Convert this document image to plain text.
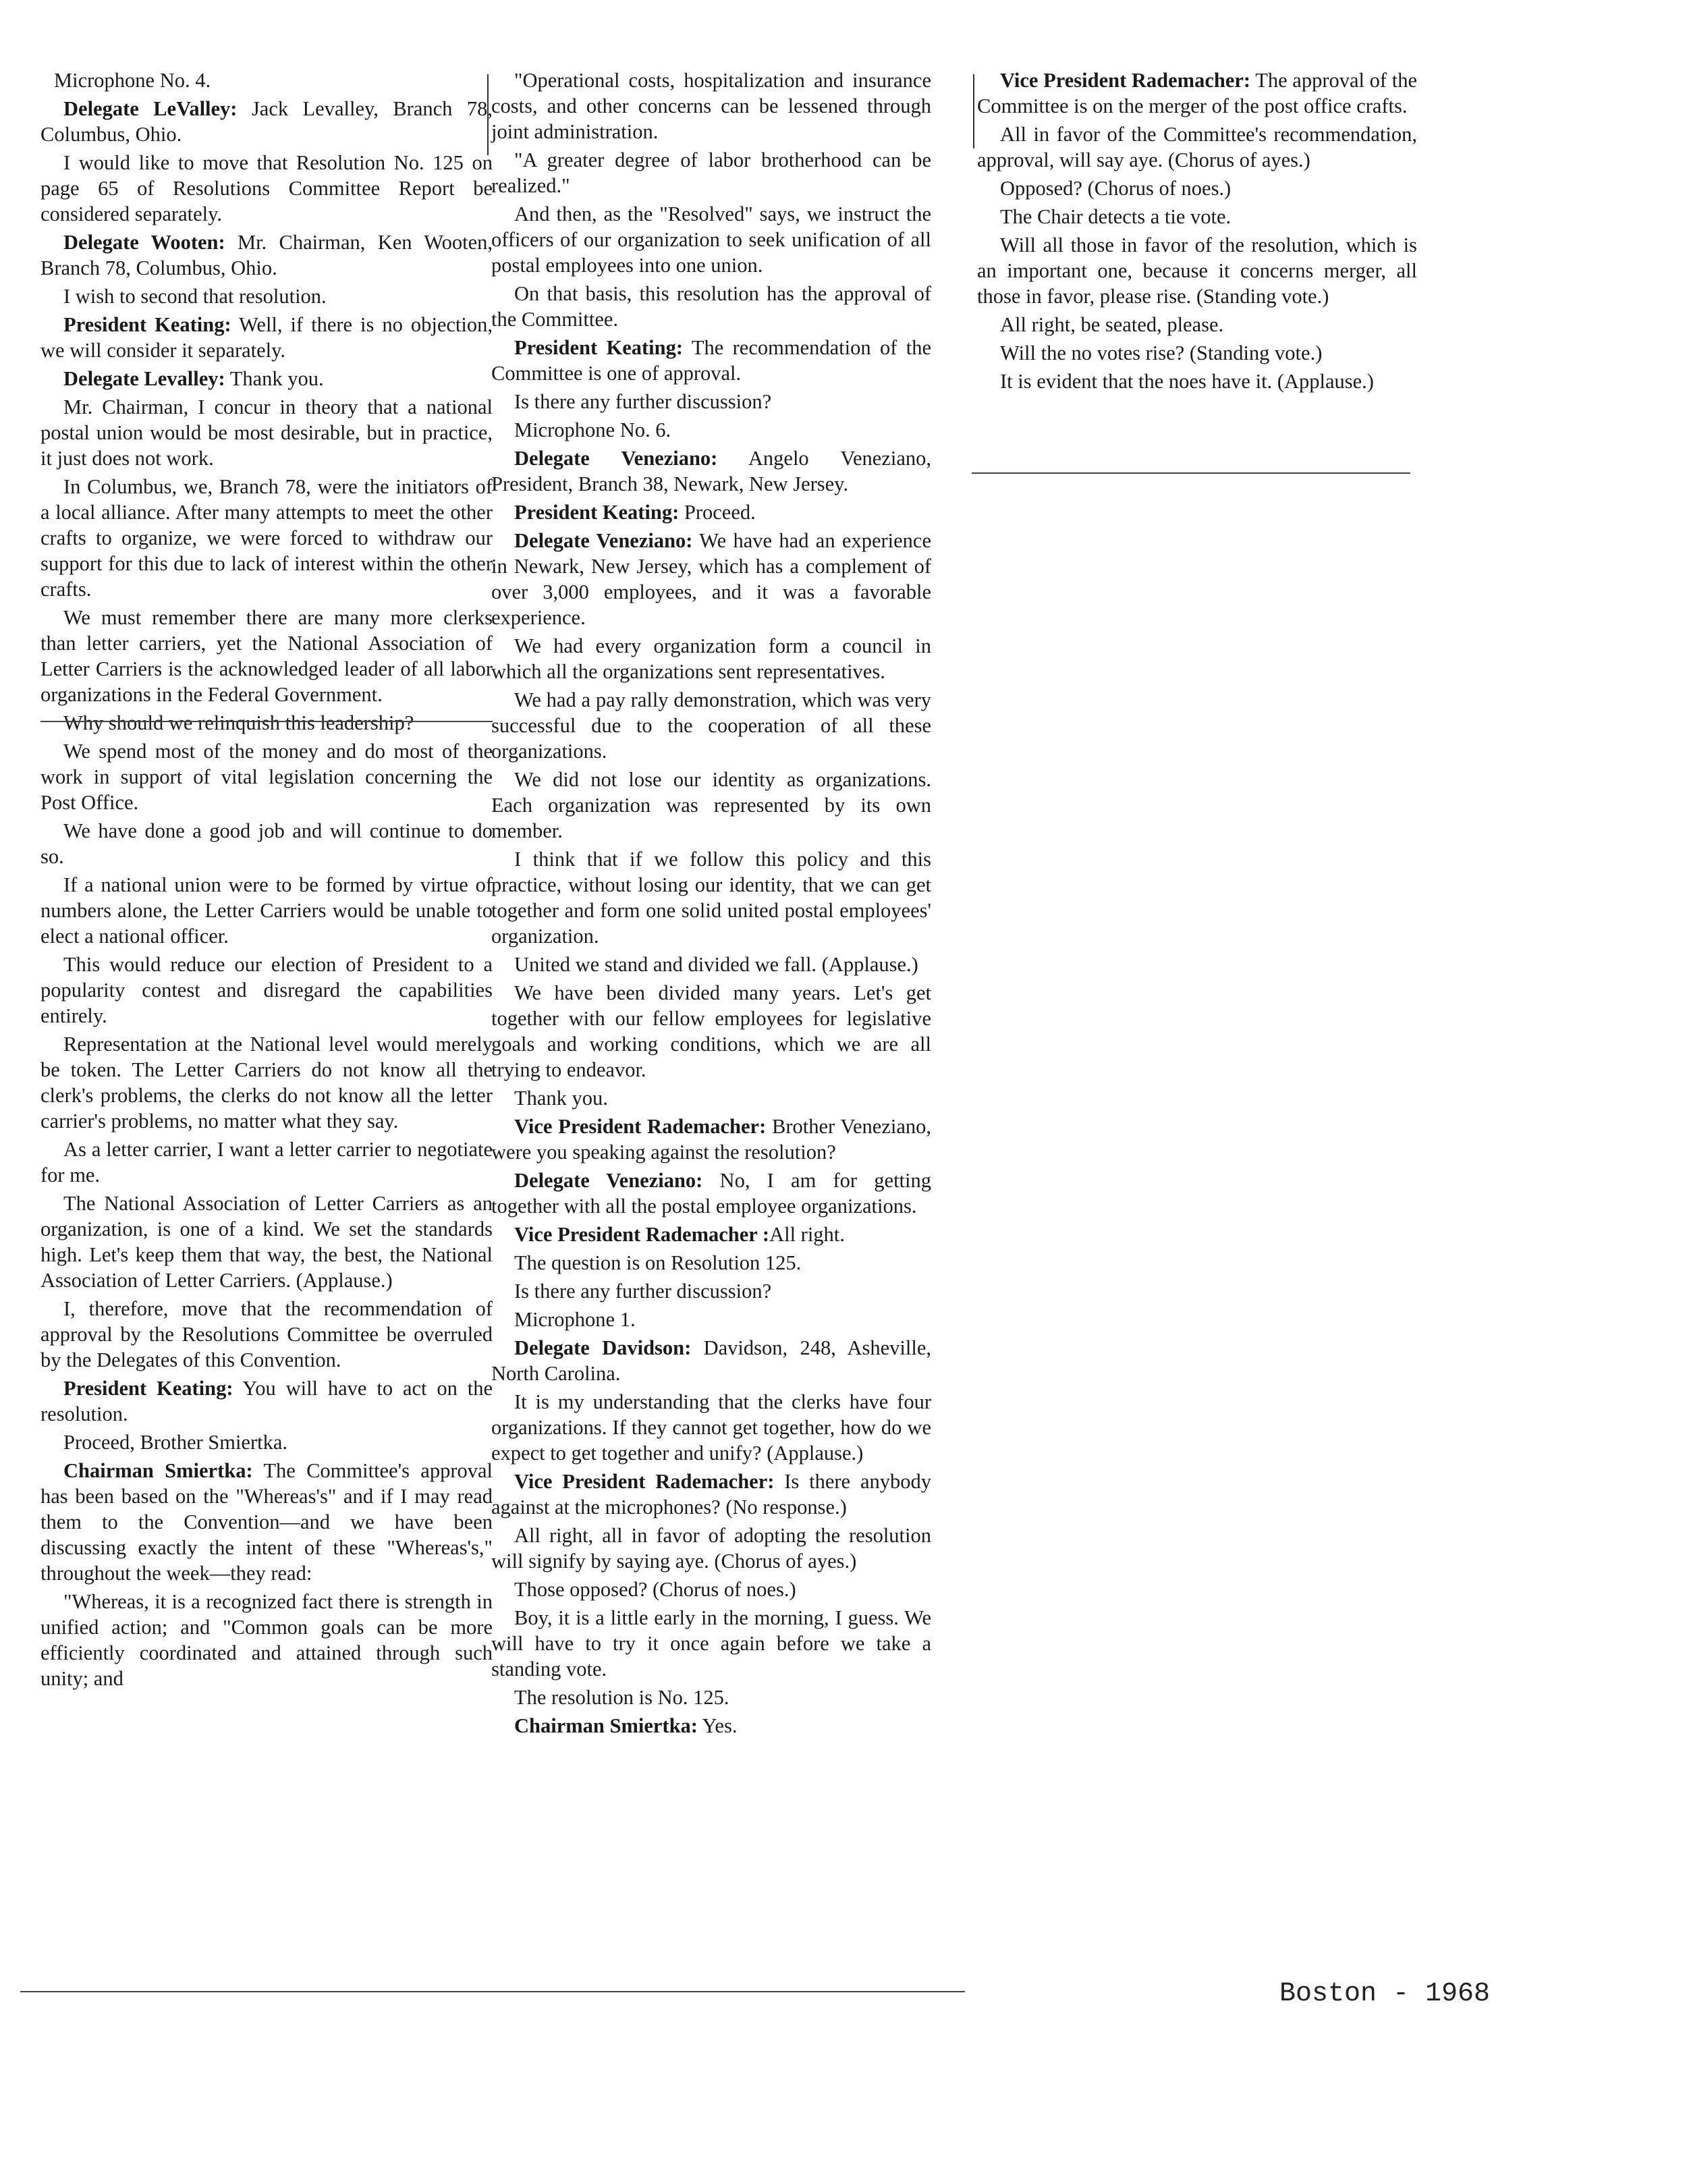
Microphone No. 4.

Delegate LeValley: Jack Levalley, Branch 78, Columbus, Ohio.

I would like to move that Resolution No. 125 on page 65 of Resolutions Committee Report be considered separately.

Delegate Wooten: Mr. Chairman, Ken Wooten, Branch 78, Columbus, Ohio.

I wish to second that resolution.

President Keating: Well, if there is no objection, we will consider it separately.

Delegate Levalley: Thank you.

Mr. Chairman, I concur in theory that a national postal union would be most desirable, but in practice, it just does not work.

In Columbus, we, Branch 78, were the initiators of a local alliance. After many attempts to meet the other crafts to organize, we were forced to withdraw our support for this due to lack of interest within the other crafts.

We must remember there are many more clerks than letter carriers, yet the National Association of Letter Carriers is the acknowledged leader of all labor organizations in the Federal Government.

Why should we relinquish this leadership?

We spend most of the money and do most of the work in support of vital legislation concerning the Post Office.

We have done a good job and will continue to do so.

If a national union were to be formed by virtue of numbers alone, the Letter Carriers would be unable to elect a national officer.

This would reduce our election of President to a popularity contest and disregard the capabilities entirely.

Representation at the National level would merely be token. The Letter Carriers do not know all the clerk's problems, the clerks do not know all the letter carrier's problems, no matter what they say.

As a letter carrier, I want a letter carrier to negotiate for me.

The National Association of Letter Carriers as an organization, is one of a kind. We set the standards high. Let's keep them that way, the best, the National Association of Letter Carriers. (Applause.)

I, therefore, move that the recommendation of approval by the Resolutions Committee be overruled by the Delegates of this Convention.

President Keating: You will have to act on the resolution.

Proceed, Brother Smiertka.

Chairman Smiertka: The Committee's approval has been based on the "Whereas's" and if I may read them to the Convention—and we have been discussing exactly the intent of these "Whereas's," throughout the week—they read:

"Whereas, it is a recognized fact there is strength in unified action; and "Common goals can be more efficiently coordinated and attained through such unity; and

"Operational costs, hospitalization and insurance costs, and other concerns can be lessened through joint administration.

"A greater degree of labor brotherhood can be realized."

And then, as the "Resolved" says, we instruct the officers of our organization to seek unification of all postal employees into one union.

On that basis, this resolution has the approval of the Committee.

President Keating: The recommendation of the Committee is one of approval.

Is there any further discussion?

Microphone No. 6.

Delegate Veneziano: Angelo Veneziano, President, Branch 38, Newark, New Jersey.

President Keating: Proceed.

Delegate Veneziano: We have had an experience in Newark, New Jersey, which has a complement of over 3,000 employees, and it was a favorable experience.

We had every organization form a council in which all the organizations sent representatives.

We had a pay rally demonstration, which was very successful due to the cooperation of all these organizations.

We did not lose our identity as organizations. Each organization was represented by its own member.

I think that if we follow this policy and this practice, without losing our identity, that we can get together and form one solid united postal employees' organization.

United we stand and divided we fall. (Applause.)

We have been divided many years. Let's get together with our fellow employees for legislative goals and working conditions, which we are all trying to endeavor.

Thank you.

Vice President Rademacher: Brother Veneziano, were you speaking against the resolution?

Delegate Veneziano: No, I am for getting together with all the postal employee organizations.

Vice President Rademacher :All right.

The question is on Resolution 125.

Is there any further discussion?

Microphone 1.

Delegate Davidson: Davidson, 248, Asheville, North Carolina.

It is my understanding that the clerks have four organizations. If they cannot get together, how do we expect to get together and unify? (Applause.)

Vice President Rademacher: Is there anybody against at the microphones? (No response.)

All right, all in favor of adopting the resolution will signify by saying aye. (Chorus of ayes.)

Those opposed? (Chorus of noes.)

Boy, it is a little early in the morning, I guess. We will have to try it once again before we take a standing vote.

The resolution is No. 125.

Chairman Smiertka: Yes.

Vice President Rademacher: The approval of the Committee is on the merger of the post office crafts.

All in favor of the Committee's recommendation, approval, will say aye. (Chorus of ayes.)

Opposed? (Chorus of noes.)

The Chair detects a tie vote.

Will all those in favor of the resolution, which is an important one, because it concerns merger, all those in favor, please rise. (Standing vote.)

All right, be seated, please.

Will the no votes rise? (Standing vote.)

It is evident that the noes have it. (Applause.)

Boston - 1968
